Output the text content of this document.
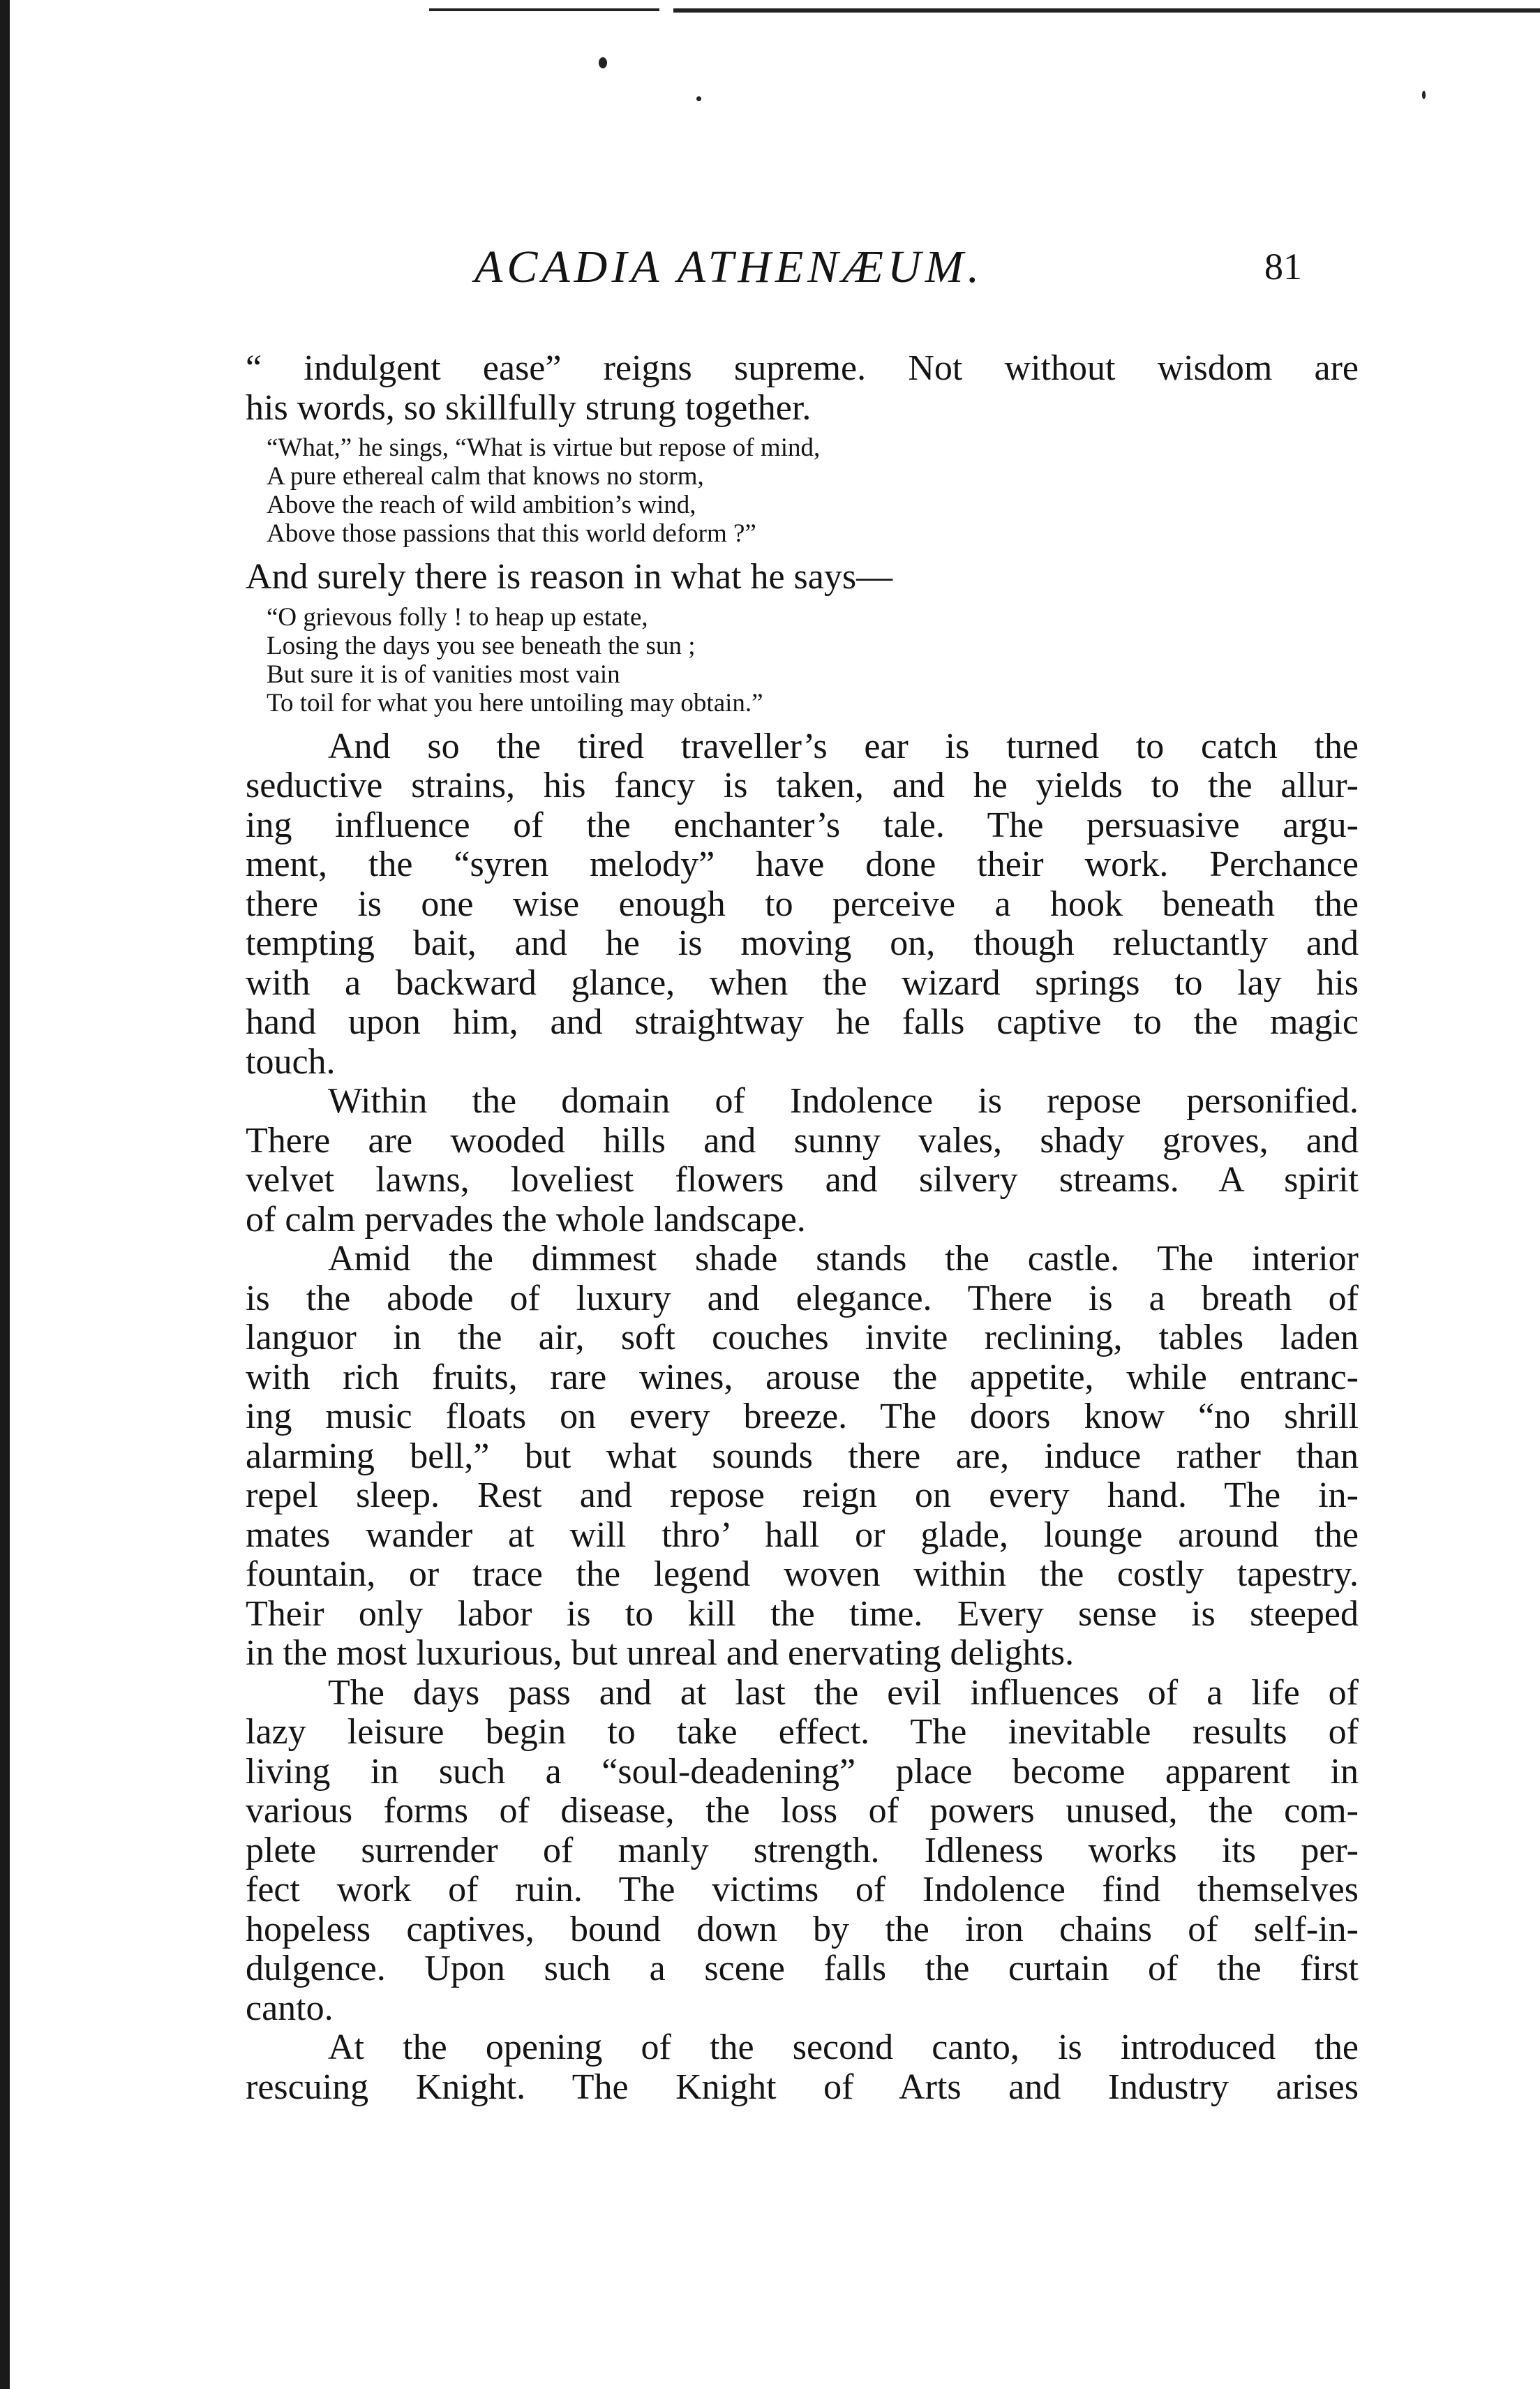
ACADIA ATHENÆUM.	81

“ indulgent ease” reigns supreme. Not without wisdom are
his words, so skillfully strung together.

“What,” he sings, “What is virtue but repose of mind,
A pure ethereal calm that knows no storm,
Above the reach of wild ambition’s wind,
Above those passions that this world deform ?”

And surely there is reason in what he says—

“O grievous folly ! to heap up estate,
Losing the days you see beneath the sun ;
But sure it is of vanities most vain
To toil for what you here untoiling may obtain.”

And so the tired traveller’s ear is turned to catch the
seductive strains, his fancy is taken, and he yields to the allur-
ing influence of the enchanter’s tale. The persuasive argu-
ment, the “syren melody” have done their work. Perchance
there is one wise enough to perceive a hook beneath the
tempting bait, and he is moving on, though reluctantly and
with a backward glance, when the wizard springs to lay his
hand upon him, and straightway he falls captive to the magic
touch.

Within the domain of Indolence is repose personified.
There are wooded hills and sunny vales, shady groves, and
velvet lawns, loveliest flowers and silvery streams. A spirit
of calm pervades the whole landscape.

Amid the dimmest shade stands the castle. The interior
is the abode of luxury and elegance. There is a breath of
languor in the air, soft couches invite reclining, tables laden
with rich fruits, rare wines, arouse the appetite, while entranc-
ing music floats on every breeze. The doors know “no shrill
alarming bell,” but what sounds there are, induce rather than
repel sleep. Rest and repose reign on every hand. The in-
mates wander at will thro’ hall or glade, lounge around the
fountain, or trace the legend woven within the costly tapestry.
Their only labor is to kill the time. Every sense is steeped
in the most luxurious, but unreal and enervating delights.

The days pass and at last the evil influences of a life of
lazy leisure begin to take effect. The inevitable results of
living in such a “soul-deadening” place become apparent in
various forms of disease, the loss of powers unused, the com-
plete surrender of manly strength. Idleness works its per-
fect work of ruin. The victims of Indolence find themselves
hopeless captives, bound down by the iron chains of self-in-
dulgence. Upon such a scene falls the curtain of the first
canto.

At the opening of the second canto, is introduced the
rescuing Knight. The Knight of Arts and Industry arises
